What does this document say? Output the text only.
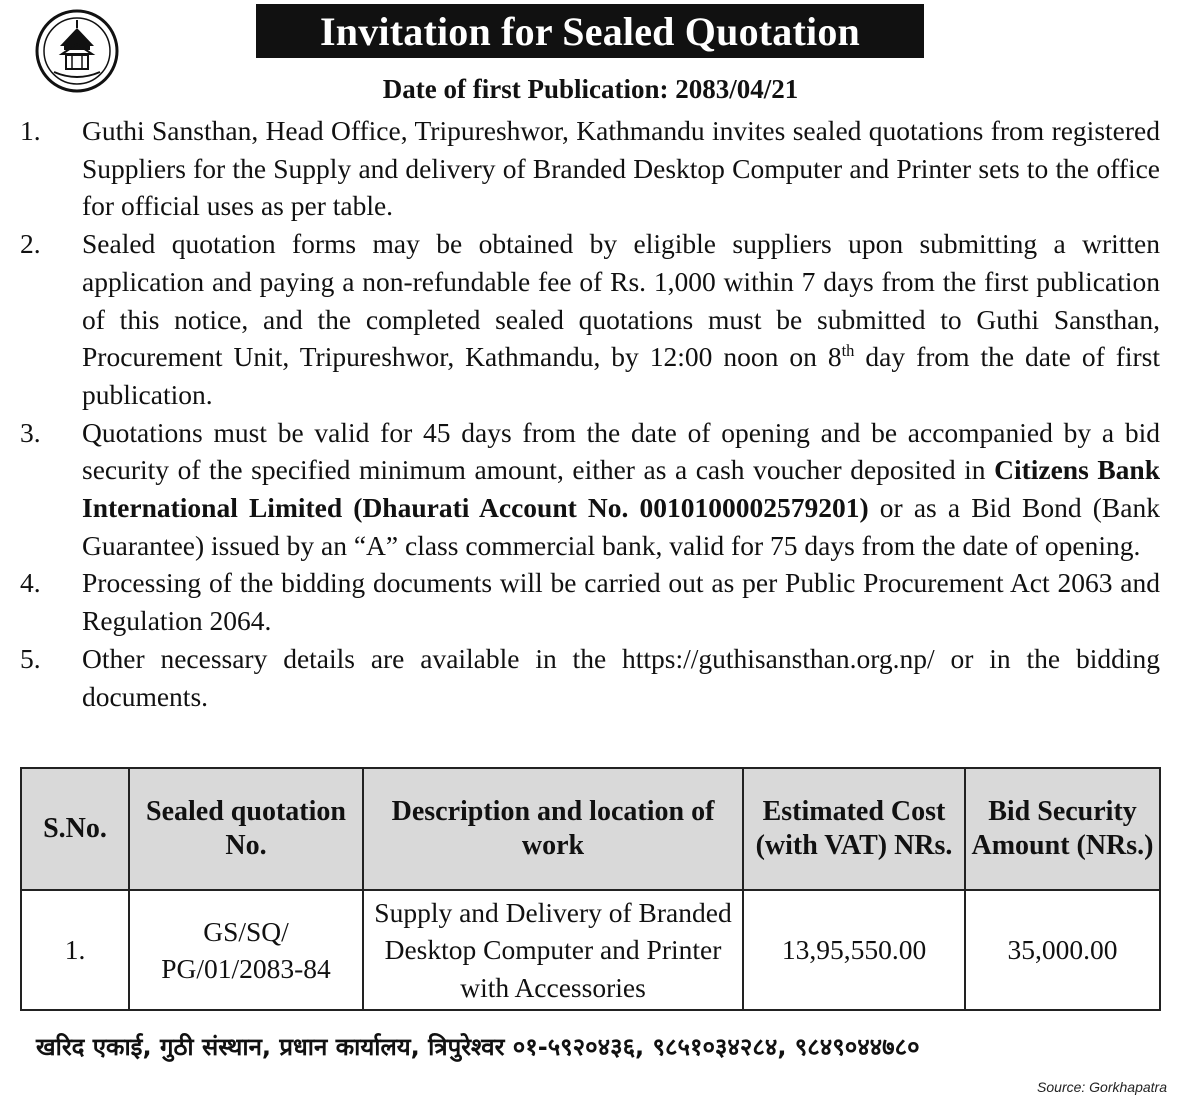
Invitation for Sealed Quotation
Date of first Publication: 2083/04/21
1. Guthi Sansthan, Head Office, Tripureshwor, Kathmandu invites sealed quotations from registered Suppliers for the Supply and delivery of Branded Desktop Computer and Printer sets to the office for official uses as per table.
2. Sealed quotation forms may be obtained by eligible suppliers upon submitting a written application and paying a non-refundable fee of Rs. 1,000 within 7 days from the first publication of this notice, and the completed sealed quotations must be submitted to Guthi Sansthan, Procurement Unit, Tripureshwor, Kathmandu, by 12:00 noon on 8th day from the date of first publication.
3. Quotations must be valid for 45 days from the date of opening and be accompanied by a bid security of the specified minimum amount, either as a cash voucher deposited in Citizens Bank International Limited (Dhaurati Account No. 0010100002579201) or as a Bid Bond (Bank Guarantee) issued by an “A” class commercial bank, valid for 75 days from the date of opening.
4. Processing of the bidding documents will be carried out as per Public Procurement Act 2063 and Regulation 2064.
5. Other necessary details are available in the https://guthisansthan.org.np/ or in the bidding documents.
S.No.	Sealed quotation No.	Description and location of work	Estimated Cost (with VAT) NRs.	Bid Security Amount (NRs.)
1.	GS/SQ/ PG/01/2083-84	Supply and Delivery of Branded Desktop Computer and Printer with Accessories	13,95,550.00	35,000.00
खरिद एकाई, गुठी संस्थान, प्रधान कार्यालय, त्रिपुरेश्वर ०१-५९२०४३६, ९८५१०३४२८४, ९८४९०४४७८०
Source: Gorkhapatra
